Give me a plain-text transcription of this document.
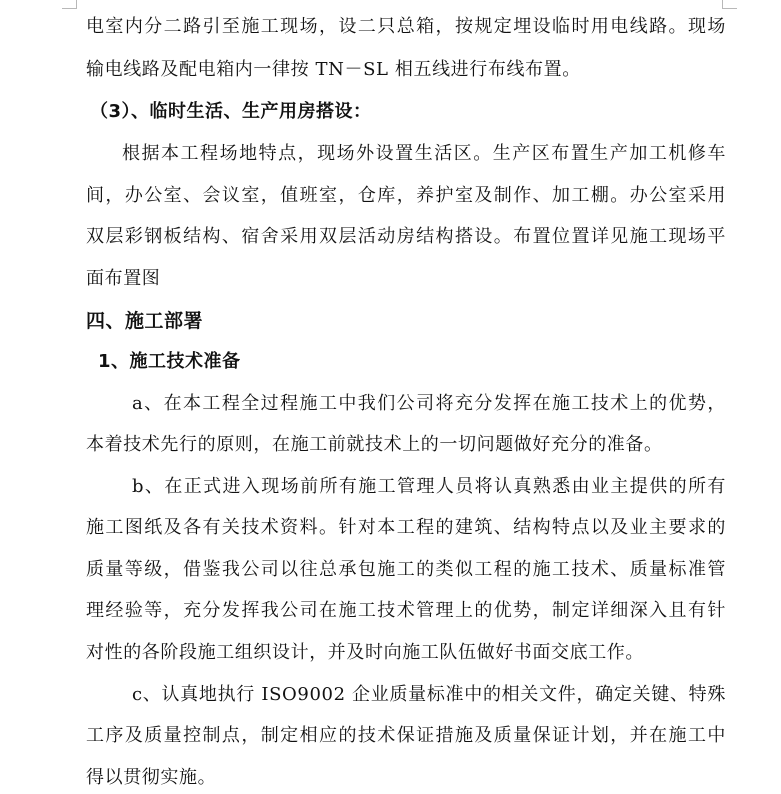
电室内分二路引至施工现场，设二只总箱，按规定埋设临时用电线路。现场
输电线路及配电箱内一律按 TN－SL 相五线进行布线布置。
（3）、临时生活、生产用房搭设：
根据本工程场地特点，现场外设置生活区。生产区布置生产加工机修车
间，办公室、会议室，值班室，仓库，养护室及制作、加工棚。办公室采用
双层彩钢板结构、宿舍采用双层活动房结构搭设。布置位置详见施工现场平
面布置图
四、施工部署
1、施工技术准备
a、在本工程全过程施工中我们公司将充分发挥在施工技术上的优势，
本着技术先行的原则，在施工前就技术上的一切问题做好充分的准备。
b、在正式进入现场前所有施工管理人员将认真熟悉由业主提供的所有
施工图纸及各有关技术资料。针对本工程的建筑、结构特点以及业主要求的
质量等级，借鉴我公司以往总承包施工的类似工程的施工技术、质量标准管
理经验等，充分发挥我公司在施工技术管理上的优势，制定详细深入且有针
对性的各阶段施工组织设计，并及时向施工队伍做好书面交底工作。
c、认真地执行 ISO9002 企业质量标准中的相关文件，确定关键、特殊
工序及质量控制点，制定相应的技术保证措施及质量保证计划，并在施工中
得以贯彻实施。
